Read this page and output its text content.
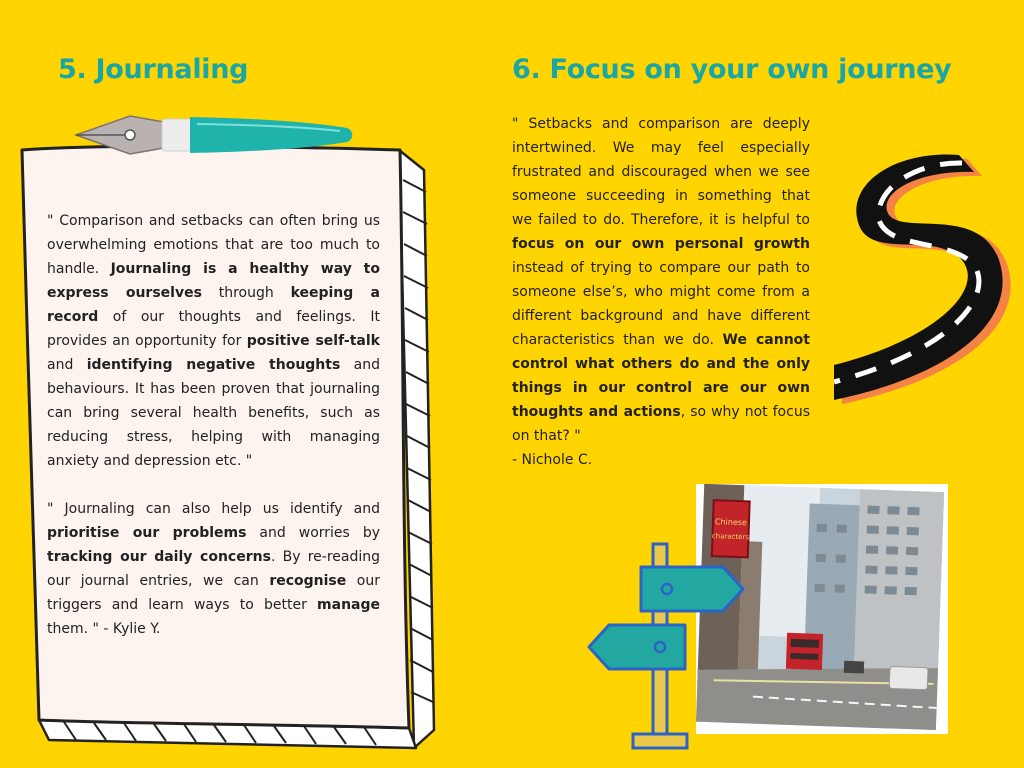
5. Journaling	6. Focus on your own journey

" Comparison and setbacks can often bring us overwhelming emotions that are too much to handle. Journaling is a healthy way to express ourselves through keeping a record of our thoughts and feelings. It provides an opportunity for positive self-talk and identifying negative thoughts and behaviours. It has been proven that journaling can bring several health benefits, such as reducing stress, helping with managing anxiety and depression etc. "

" Journaling can also help us identify and prioritise our problems and worries by tracking our daily concerns. By re-reading our journal entries, we can recognise our triggers and learn ways to better manage them. " - Kylie Y.

" Setbacks and comparison are deeply intertwined. We may feel especially frustrated and discouraged when we see someone succeeding in something that we failed to do. Therefore, it is helpful to focus on our own personal growth instead of trying to compare our path to someone else’s, who might come from a different background and have different characteristics than we do. We cannot control what others do and the only things in our control are our own thoughts and actions, so why not focus on that? "

- Nichole C.

Chinese
characters
